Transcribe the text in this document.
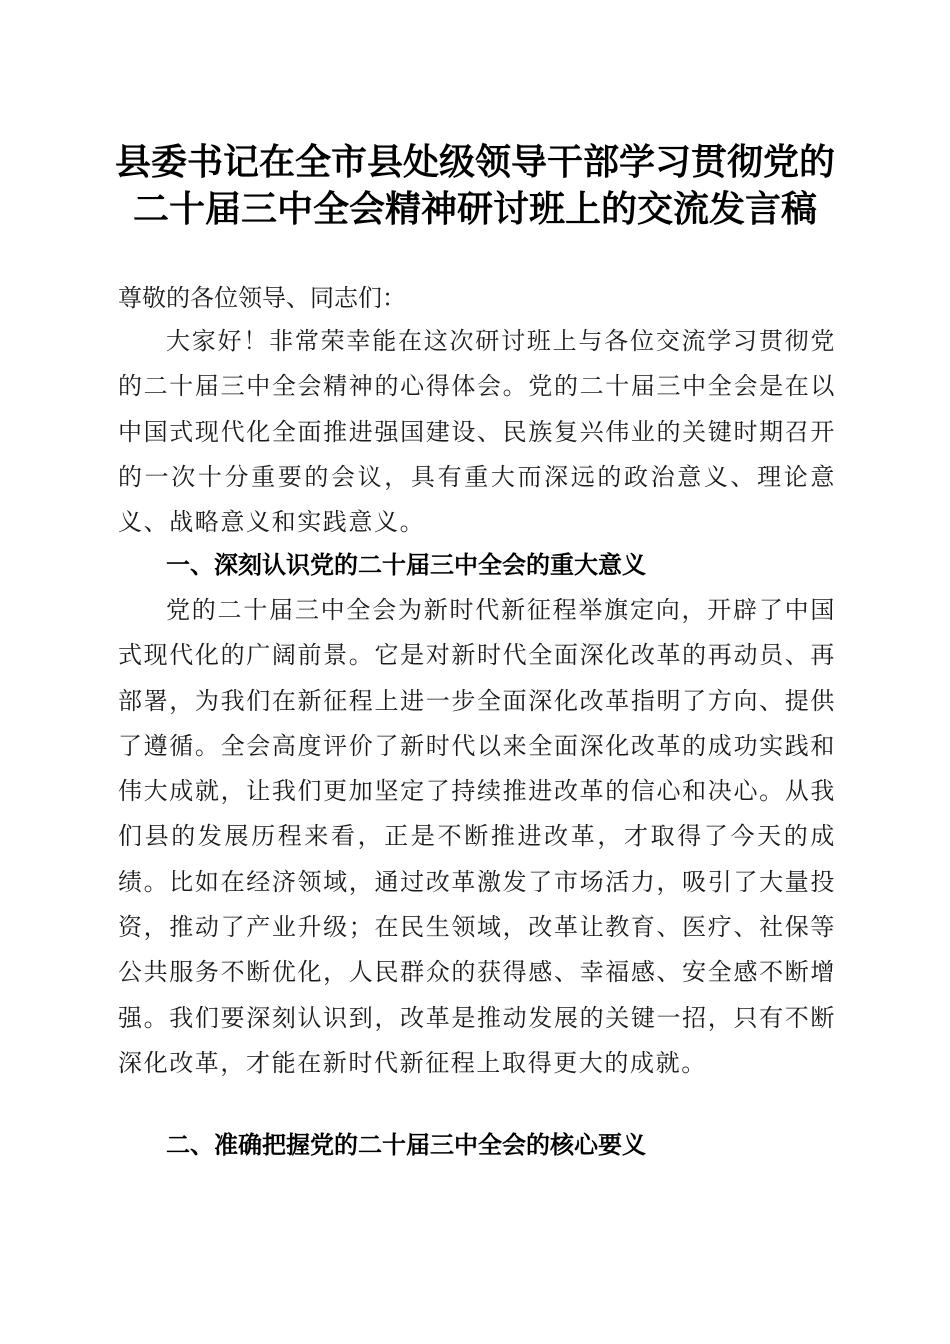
县委书记在全市县处级领导干部学习贯彻党的
二十届三中全会精神研讨班上的交流发言稿

尊敬的各位领导、同志们：

大家好！非常荣幸能在这次研讨班上与各位交流学习贯彻党的二十届三中全会精神的心得体会。党的二十届三中全会是在以中国式现代化全面推进强国建设、民族复兴伟业的关键时期召开的一次十分重要的会议，具有重大而深远的政治意义、理论意义、战略意义和实践意义。

一、深刻认识党的二十届三中全会的重大意义

党的二十届三中全会为新时代新征程举旗定向，开辟了中国式现代化的广阔前景。它是对新时代全面深化改革的再动员、再部署，为我们在新征程上进一步全面深化改革指明了方向、提供了遵循。全会高度评价了新时代以来全面深化改革的成功实践和伟大成就，让我们更加坚定了持续推进改革的信心和决心。从我们县的发展历程来看，正是不断推进改革，才取得了今天的成绩。比如在经济领域，通过改革激发了市场活力，吸引了大量投资，推动了产业升级；在民生领域，改革让教育、医疗、社保等公共服务不断优化，人民群众的获得感、幸福感、安全感不断增强。我们要深刻认识到，改革是推动发展的关键一招，只有不断深化改革，才能在新时代新征程上取得更大的成就。

二、准确把握党的二十届三中全会的核心要义
